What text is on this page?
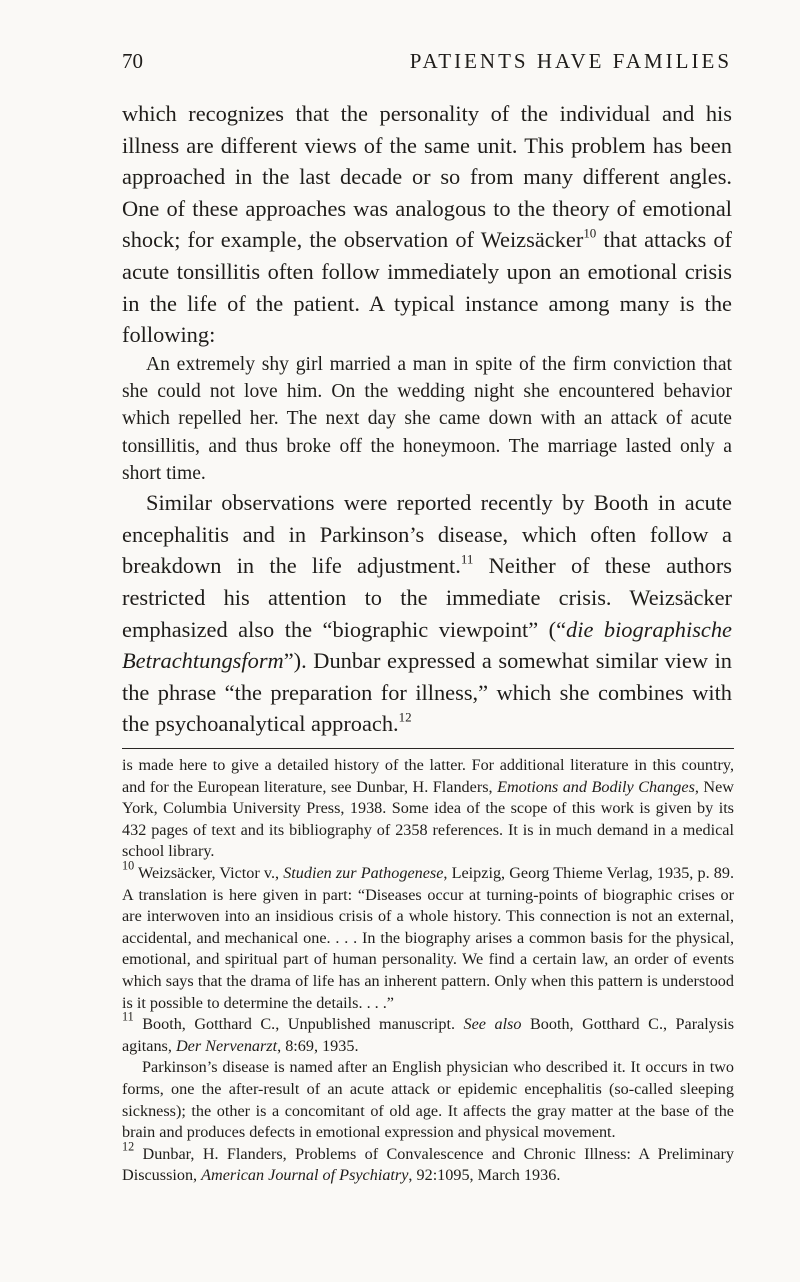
70	PATIENTS HAVE FAMILIES

which recognizes that the personality of the individual and his illness are different views of the same unit. This problem has been approached in the last decade or so from many different angles. One of these approaches was analogous to the theory of emotional shock; for example, the observation of Weizsäcker$^{10}$ that attacks of acute tonsillitis often follow immediately upon an emotional crisis in the life of the patient. A typical instance among many is the following:

An extremely shy girl married a man in spite of the firm conviction that she could not love him. On the wedding night she encountered behavior which repelled her. The next day she came down with an attack of acute tonsillitis, and thus broke off the honeymoon. The marriage lasted only a short time.

Similar observations were reported recently by Booth in acute encephalitis and in Parkinson’s disease, which often follow a breakdown in the life adjustment.$^{11}$ Neither of these authors restricted his attention to the immediate crisis. Weizsäcker emphasized also the “biographic viewpoint” (“die biographische Betrachtungsform”). Dunbar expressed a somewhat similar view in the phrase “the preparation for illness,” which she combines with the psychoanalytical approach.$^{12}$

is made here to give a detailed history of the latter. For additional literature in this country, and for the European literature, see Dunbar, H. Flanders, Emotions and Bodily Changes, New York, Columbia University Press, 1938. Some idea of the scope of this work is given by its 432 pages of text and its bibliography of 2358 references. It is in much demand in a medical school library.

$^{10}$ Weizsäcker, Victor v., Studien zur Pathogenese, Leipzig, Georg Thieme Verlag, 1935, p. 89. A translation is here given in part: “Diseases occur at turning-points of biographic crises or are interwoven into an insidious crisis of a whole history. This connection is not an external, accidental, and mechanical one. . . . In the biography arises a common basis for the physical, emotional, and spiritual part of human personality. We find a certain law, an order of events which says that the drama of life has an inherent pattern. Only when this pattern is understood is it possible to determine the details. . . .”

$^{11}$ Booth, Gotthard C., Unpublished manuscript. See also Booth, Gotthard C., Paralysis agitans, Der Nervenarzt, 8:69, 1935.

Parkinson’s disease is named after an English physician who described it. It occurs in two forms, one the after-result of an acute attack or epidemic encephalitis (so-called sleeping sickness); the other is a concomitant of old age. It affects the gray matter at the base of the brain and produces defects in emotional expression and physical movement.

$^{12}$ Dunbar, H. Flanders, Problems of Convalescence and Chronic Illness: A Preliminary Discussion, American Journal of Psychiatry, 92:1095, March 1936.
